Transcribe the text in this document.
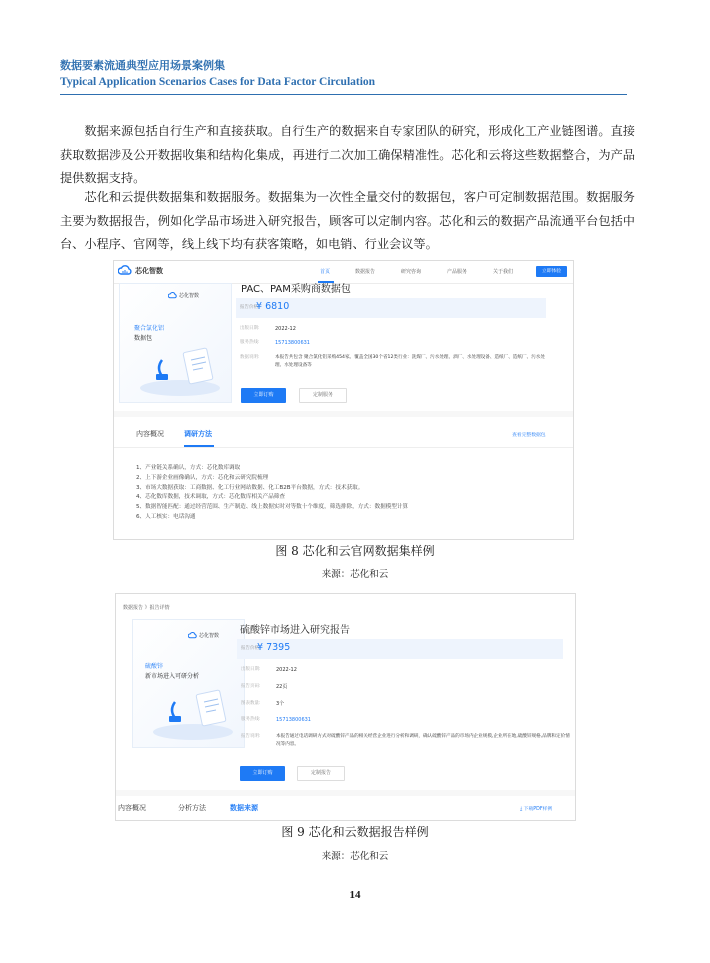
数据要素流通典型应用场景案例集
Typical Application Scenarios Cases for Data Factor Circulation
数据来源包括自行生产和直接获取。自行生产的数据来自专家团队的研究，形成化工产业链图谱。直接获取数据涉及公开数据收集和结构化集成，再进行二次加工确保精准性。芯化和云将这些数据整合，为产品提供数据支持。
芯化和云提供数据集和数据服务。数据集为一次性全量交付的数据包，客户可定制数据范围。数据服务主要为数据报告，例如化学品市场进入研究报告，顾客可以定制内容。芯化和云的数据产品流通平台包括中台、小程序、官网等，线上线下均有获客策略，如电销、行业会议等。
芯化智数	首页	数据报告	研究咨询	产品服务	关于我们	立即体验
芯化智数
聚合氯化铝
数据包
PAC、PAM采购商数据包
报告价格:
¥ 6810
出版日期:	2022-12
服务热线:	15713800631
数据说明:	本报告共包含 聚合氯化铝采购454家。覆盖全国30个省12类行业：洗煤厂、污水处理、酒厂、水处理设备、造纸厂、造纸厂、污水处理、水处理设备等
立即订购	定制服务
内容概况	调研方法	查看完整数据包
1、产业链关系确认，方式：芯化数库调取
2、上下游企业画像确认，方式：芯化和云研究院梳理
3、市场大数据获取：工商数据、化工行业网站数据、化工B2B平台数据，方式：技术获取。
4、芯化数库数据，技术调取，方式：芯化数库相关产品筛查
5、数据智能匹配：通过经营范围、生产制造、线上数据实时对等数十个维度，筛选排除，方式：数据模型计算
6、人工核实：电话沟通
图 8 芯化和云官网数据集样例
来源：芯化和云
数据报告 》报告详情
芯化智数
硫酸锌
新市场进入可研分析
硫酸锌市场进入研究报告
报告价格:
¥ 7395
出版日期:	2022-12
报告页码:	22页
图表数量:	3个
服务热线:	15713800631
报告说明:	本报告通过电话调研方式对硫酸锌产品的相关经营企业进行分析和调研，确认硫酸锌产品的市场内企业规模,企业所在地,硫酸锌规格,品牌和定价情况等内容。
立即订购	定制报告
内容概况	分析方法	数据来源	⤓ 下载PDF样例
图 9 芯化和云数据报告样例
来源：芯化和云
14
